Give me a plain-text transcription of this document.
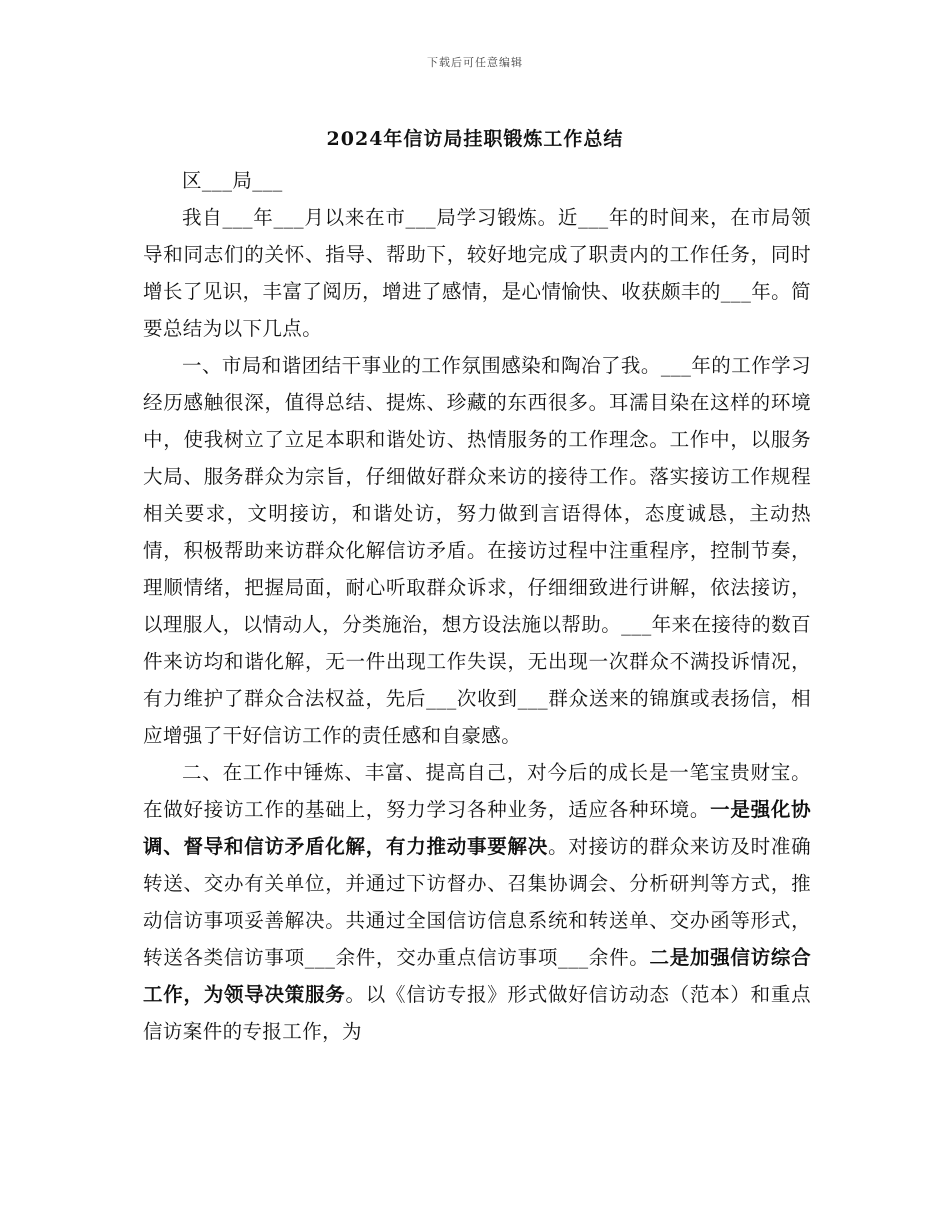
下载后可任意编辑
2024年信访局挂职锻炼工作总结

区___局___

我自___年___月以来在市___局学习锻炼。近___年的时间来，在市局领导和同志们的关怀、指导、帮助下，较好地完成了职责内的工作任务，同时增长了见识，丰富了阅历，增进了感情，是心情愉快、收获颇丰的___年。简要总结为以下几点。

一、市局和谐团结干事业的工作氛围感染和陶冶了我。___年的工作学习经历感触很深，值得总结、提炼、珍藏的东西很多。耳濡目染在这样的环境中，使我树立了立足本职和谐处访、热情服务的工作理念。工作中，以服务大局、服务群众为宗旨，仔细做好群众来访的接待工作。落实接访工作规程相关要求，文明接访，和谐处访，努力做到言语得体，态度诚恳，主动热情，积极帮助来访群众化解信访矛盾。在接访过程中注重程序，控制节奏，理顺情绪，把握局面，耐心听取群众诉求，仔细细致进行讲解，依法接访，以理服人，以情动人，分类施治，想方设法施以帮助。___年来在接待的数百件来访均和谐化解，无一件出现工作失误，无出现一次群众不满投诉情况，有力维护了群众合法权益，先后___次收到___群众送来的锦旗或表扬信，相应增强了干好信访工作的责任感和自豪感。

二、在工作中锤炼、丰富、提高自己，对今后的成长是一笔宝贵财宝。在做好接访工作的基础上，努力学习各种业务，适应各种环境。一是强化协调、督导和信访矛盾化解，有力推动事要解决。对接访的群众来访及时准确转送、交办有关单位，并通过下访督办、召集协调会、分析研判等方式，推动信访事项妥善解决。共通过全国信访信息系统和转送单、交办函等形式，转送各类信访事项___余件，交办重点信访事项___余件。二是加强信访综合工作，为领导决策服务。以《信访专报》形式做好信访动态（范本）和重点信访案件的专报工作，为
